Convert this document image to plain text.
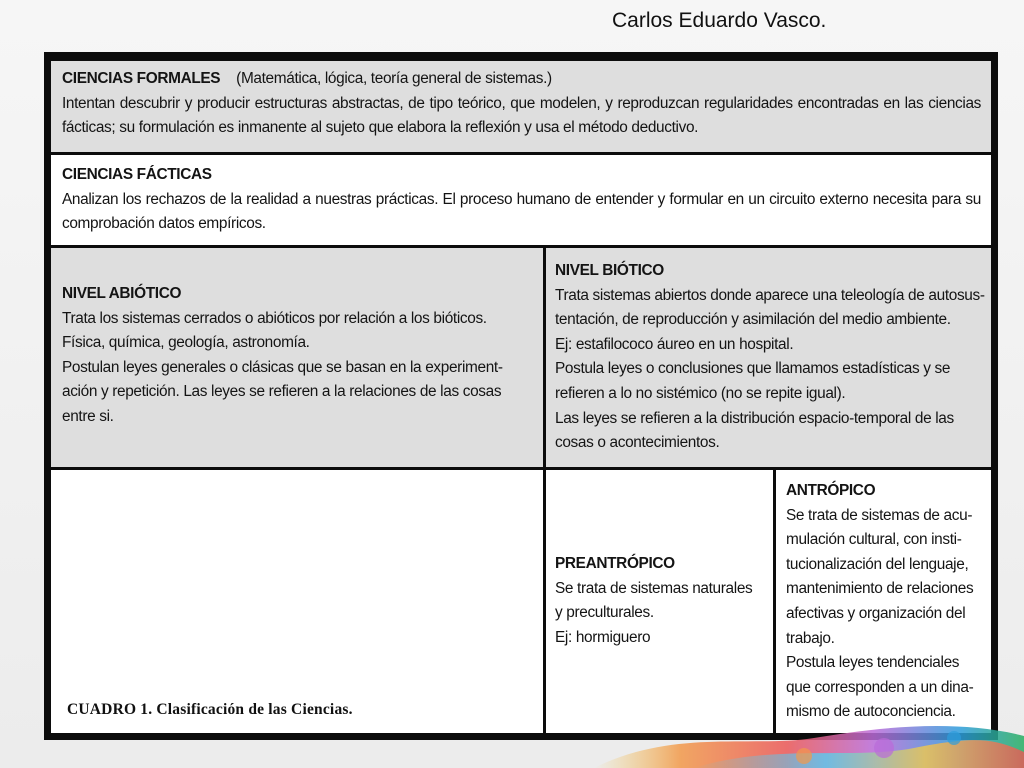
Carlos Eduardo Vasco.
CIENCIAS FORMALES (Matemática, lógica, teoría general de sistemas.)
Intentan descubrir y producir estructuras abstractas, de tipo teórico, que modelen, y reproduzcan regularidades encontradas en las ciencias fácticas; su formulación es inmanente al sujeto que elabora la reflexión y usa el método deductivo.
CIENCIAS FÁCTICAS
Analizan los rechazos de la realidad a nuestras prácticas. El proceso humano de entender y formular en un circuito externo necesita para su comprobación datos empíricos.
NIVEL ABIÓTICO
Trata los sistemas cerrados o abióticos por relación a los bióticos.
Física, química, geología, astronomía.
Postulan leyes generales o clásicas que se basan en la experiment-
ación y repetición. Las leyes se refieren a la relaciones de las cosas
entre si.
NIVEL BIÓTICO
Trata sistemas abiertos donde aparece una teleología de autosus-
tentación, de reproducción y asimilación del medio ambiente.
Ej: estafilococo áureo en un hospital.
Postula leyes o conclusiones que llamamos estadísticas y se
refieren a lo no sistémico (no se repite igual).
Las leyes se refieren a la distribución espacio-temporal de las
cosas o acontecimientos.
CUADRO 1. Clasificación de las Ciencias.
PREANTRÓPICO
Se trata de sistemas naturales
y preculturales.
Ej: hormiguero
ANTRÓPICO
Se trata de sistemas de acu-
mulación cultural, con insti-
tucionalización del lenguaje,
mantenimiento de relaciones
afectivas y organización del
trabajo.
Postula leyes tendenciales
que corresponden a un dina-
mismo de autoconciencia.
